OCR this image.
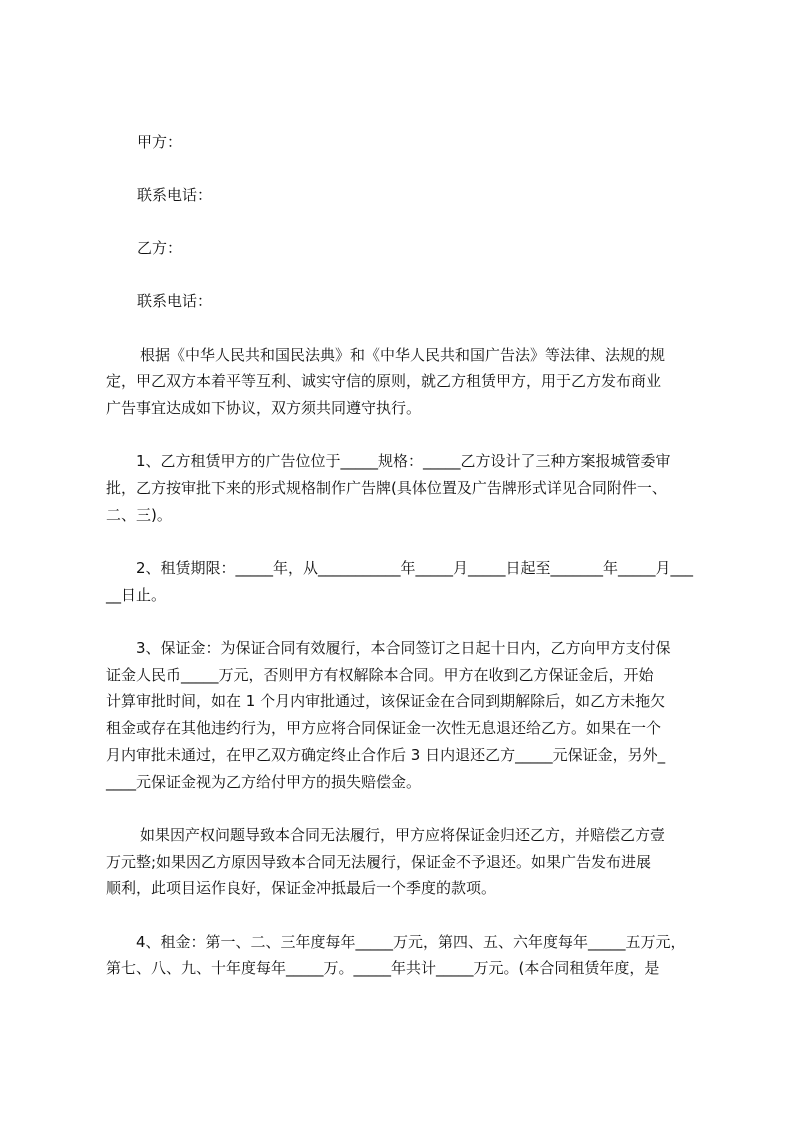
甲方：
联系电话：
乙方：
联系电话：
根据《中华人民共和国民法典》和《中华人民共和国广告法》等法律、法规的规
定，甲乙双方本着平等互利、诚实守信的原则，就乙方租赁甲方，用于乙方发布商业
广告事宜达成如下协议，双方须共同遵守执行。
1、乙方租赁甲方的广告位位于_____规格：_____乙方设计了三种方案报城管委审
批，乙方按审批下来的形式规格制作广告牌(具体位置及广告牌形式详见合同附件一、
二、三)。
2、租赁期限：_____年，从___________年_____月_____日起至_______年_____月___
__日止。
3、保证金：为保证合同有效履行，本合同签订之日起十日内，乙方向甲方支付保
证金人民币_____万元，否则甲方有权解除本合同。甲方在收到乙方保证金后，开始
计算审批时间，如在 1 个月内审批通过，该保证金在合同到期解除后，如乙方未拖欠
租金或存在其他违约行为，甲方应将合同保证金一次性无息退还给乙方。如果在一个
月内审批未通过，在甲乙双方确定终止合作后 3 日内退还乙方_____元保证金，另外_
____元保证金视为乙方给付甲方的损失赔偿金。
如果因产权问题导致本合同无法履行，甲方应将保证金归还乙方，并赔偿乙方壹
万元整;如果因乙方原因导致本合同无法履行，保证金不予退还。如果广告发布进展
顺利，此项目运作良好，保证金冲抵最后一个季度的款项。
4、租金：第一、二、三年度每年_____万元，第四、五、六年度每年_____五万元，
第七、八、九、十年度每年_____万。_____年共计_____万元。(本合同租赁年度，是
